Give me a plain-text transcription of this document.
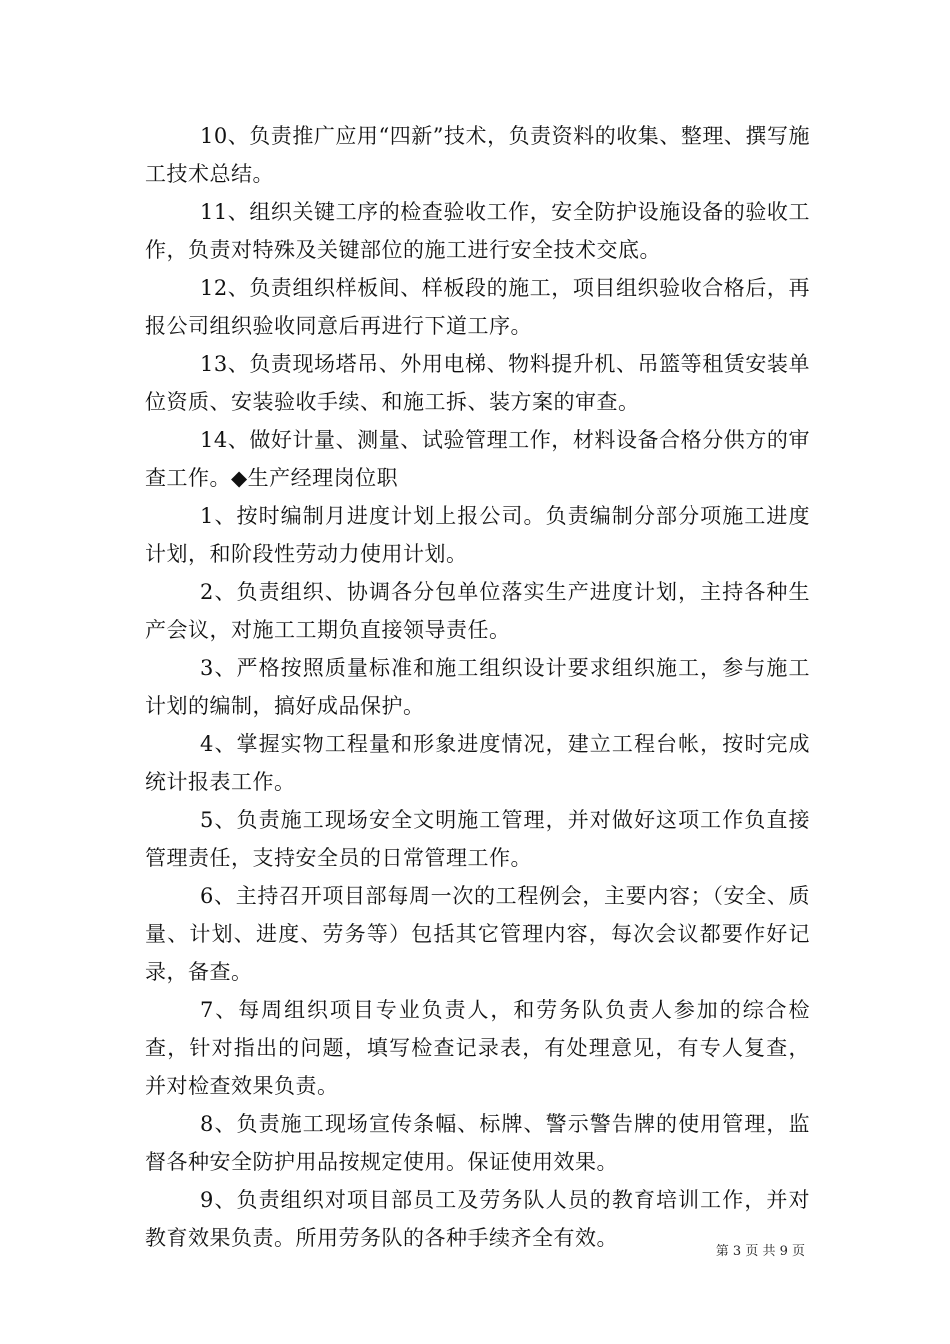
10、负责推广应用“四新”技术，负责资料的收集、整理、撰写施工技术总结。

11、组织关键工序的检查验收工作，安全防护设施设备的验收工作，负责对特殊及关键部位的施工进行安全技术交底。

12、负责组织样板间、样板段的施工，项目组织验收合格后，再报公司组织验收同意后再进行下道工序。

13、负责现场塔吊、外用电梯、物料提升机、吊篮等租赁安装单位资质、安装验收手续、和施工拆、装方案的审查。

14、做好计量、测量、试验管理工作，材料设备合格分供方的审查工作。◆生产经理岗位职

1、按时编制月进度计划上报公司。负责编制分部分项施工进度计划，和阶段性劳动力使用计划。

2、负责组织、协调各分包单位落实生产进度计划，主持各种生产会议，对施工工期负直接领导责任。

3、严格按照质量标准和施工组织设计要求组织施工，参与施工计划的编制，搞好成品保护。

4、掌握实物工程量和形象进度情况，建立工程台帐，按时完成统计报表工作。

5、负责施工现场安全文明施工管理，并对做好这项工作负直接管理责任，支持安全员的日常管理工作。

6、主持召开项目部每周一次的工程例会，主要内容；（安全、质量、计划、进度、劳务等）包括其它管理内容，每次会议都要作好记录，备查。

7、每周组织项目专业负责人，和劳务队负责人参加的综合检查，针对指出的问题，填写检查记录表，有处理意见，有专人复查，并对检查效果负责。

8、负责施工现场宣传条幅、标牌、警示警告牌的使用管理，监督各种安全防护用品按规定使用。保证使用效果。

9、负责组织对项目部员工及劳务队人员的教育培训工作，并对教育效果负责。所用劳务队的各种手续齐全有效。

第 3 页 共 9 页
